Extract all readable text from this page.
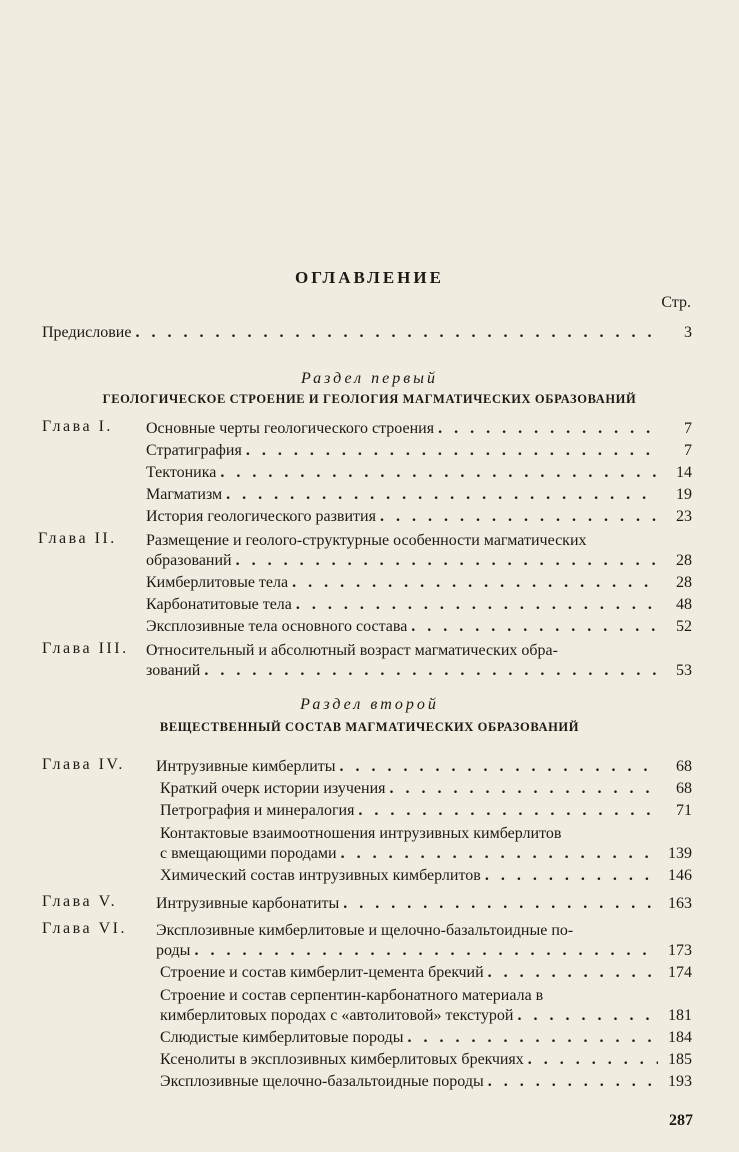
ОГЛАВЛЕНИЕ
Стр.
Предисловие . . .	3
Раздел первый
ГЕОЛОГИЧЕСКОЕ СТРОЕНИЕ И ГЕОЛОГИЯ МАГМАТИЧЕСКИХ ОБРАЗОВАНИЙ
Глава I. Основные черты геологического строения . . .	7
Стратиграфия . . .	7
Тектоника . . .	14
Магматизм . . .	19
История геологического развития . . .	23
Глава II. Размещение и геолого-структурные особенности магматических
образований . . .	28
Кимберлитовые тела . . .	28
Карбонатитовые тела . . .	48
Эксплозивные тела основного состава . . .	52
Глава III. Относительный и абсолютный возраст магматических обра-
зований . . .	53
Раздел второй
ВЕЩЕСТВЕННЫЙ СОСТАВ МАГМАТИЧЕСКИХ ОБРАЗОВАНИЙ
Глава IV. Интрузивные кимберлиты . . .	68
Краткий очерк истории изучения . . .	68
Петрография и минералогия . . .	71
Контактовые взаимоотношения интрузивных кимберлитов
с вмещающими породами . . .	139
Химический состав интрузивных кимберлитов . . .	146
Глава V. Интрузивные карбонатиты . . .	163
Глава VI. Эксплозивные кимберлитовые и щелочно-базальтоидные по-
роды . . .	173
Строение и состав кимберлит-цемента брекчий . . .	174
Строение и состав серпентин-карбонатного материала в
кимберлитовых породах с «автолитовой» текстурой . . .	181
Слюдистые кимберлитовые породы . . .	184
Ксенолиты в эксплозивных кимберлитовых брекчиях . . .	185
Эксплозивные щелочно-базальтоидные породы . . .	193
287
